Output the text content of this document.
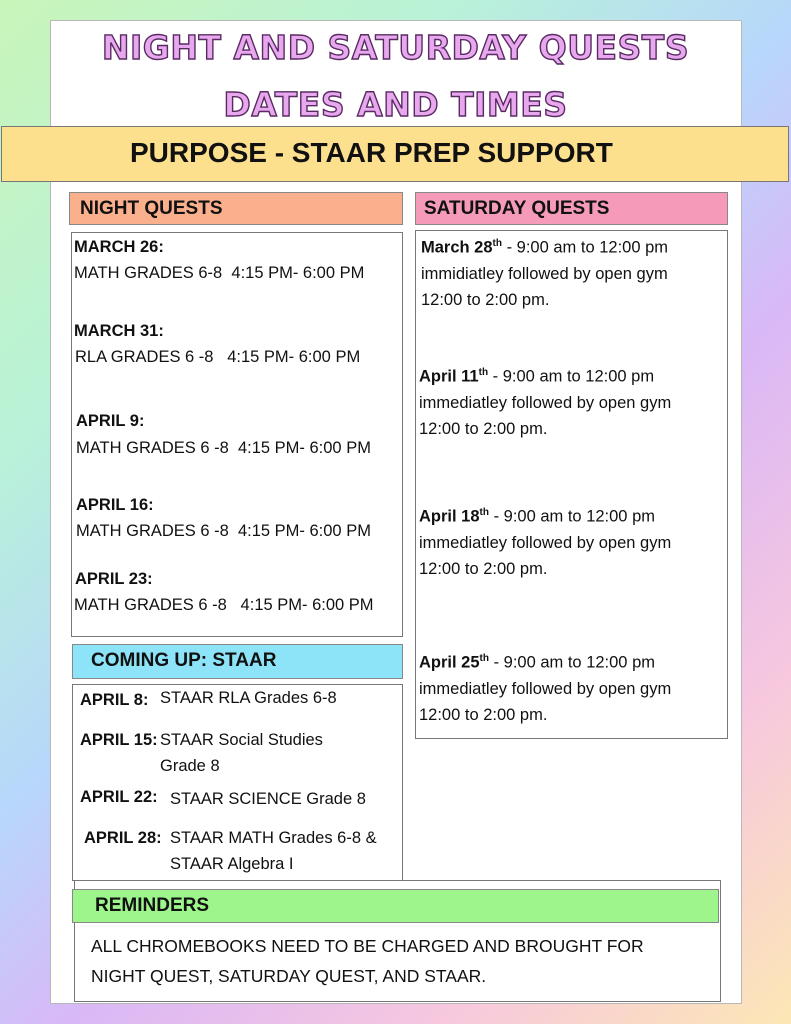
NIGHT AND SATURDAY QUESTS
DATES AND TIMES
PURPOSE - STAAR PREP SUPPORT
NIGHT QUESTS	SATURDAY QUESTS
MARCH 26:
MATH GRADES 6-8  4:15 PM- 6:00 PM
MARCH 31:
RLA GRADES 6 -8   4:15 PM- 6:00 PM
APRIL 9:
MATH GRADES 6 -8  4:15 PM- 6:00 PM
APRIL 16:
MATH GRADES 6 -8  4:15 PM- 6:00 PM
APRIL 23:
MATH GRADES 6 -8   4:15 PM- 6:00 PM
March 28th - 9:00 am to 12:00 pm
immidiatley followed by open gym
12:00 to 2:00 pm.
April 11th - 9:00 am to 12:00 pm
immediatley followed by open gym
12:00 to 2:00 pm.
April 18th - 9:00 am to 12:00 pm
immediatley followed by open gym
12:00 to 2:00 pm.
April 25th - 9:00 am to 12:00 pm
immediatley followed by open gym
12:00 to 2:00 pm.
COMING UP: STAAR
APRIL 8: STAAR RLA Grades 6-8
APRIL 15: STAAR Social Studies
Grade 8
APRIL 22: STAAR SCIENCE Grade 8
APRIL 28: STAAR MATH Grades 6-8 &
STAAR Algebra I
REMINDERS
ALL CHROMEBOOKS NEED TO BE CHARGED AND BROUGHT FOR
NIGHT QUEST, SATURDAY QUEST, AND STAAR.
